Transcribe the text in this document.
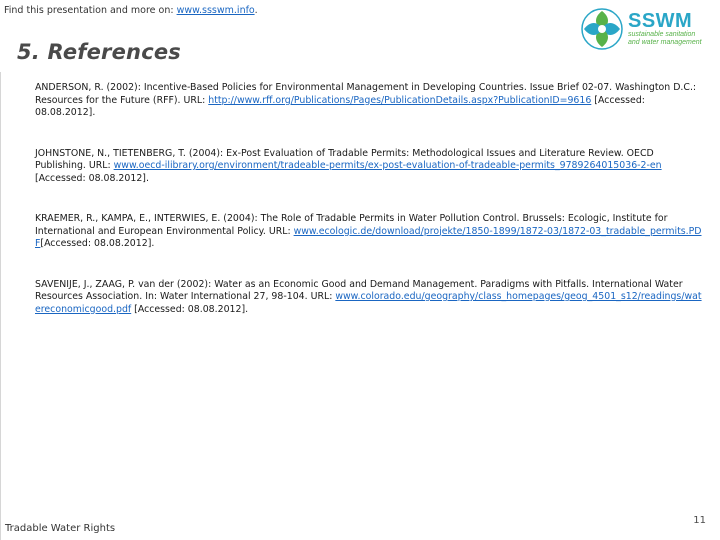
Find this presentation and more on: www.ssswm.info.	SSWM
sustainable sanitation
and water management
5. References

ANDERSON, R. (2002): Incentive-Based Policies for Environmental Management in Developing Countries. Issue Brief 02-07. Washington D.C.: Resources for the Future (RFF). URL: http://www.rff.org/Publications/Pages/PublicationDetails.aspx?PublicationID=9616 [Accessed: 08.08.2012].

JOHNSTONE, N., TIETENBERG, T. (2004): Ex-Post Evaluation of Tradable Permits: Methodological Issues and Literature Review. OECD Publishing. URL: www.oecd-ilibrary.org/environment/tradeable-permits/ex-post-evaluation-of-tradeable-permits_9789264015036-2-en [Accessed: 08.08.2012].

KRAEMER, R., KAMPA, E., INTERWIES, E. (2004): The Role of Tradable Permits in Water Pollution Control. Brussels: Ecologic, Institute for International and European Environmental Policy. URL: www.ecologic.de/download/projekte/1850-1899/1872-03/1872-03_tradable_permits.PDF[Accessed: 08.08.2012].

SAVENIJE, J., ZAAG, P. van der (2002): Water as an Economic Good and Demand Management. Paradigms with Pitfalls. International Water Resources Association. In: Water International 27, 98-104. URL: www.colorado.edu/geography/class_homepages/geog_4501_s12/readings/watereconomicgood.pdf [Accessed: 08.08.2012].

Tradable Water Rights
11
